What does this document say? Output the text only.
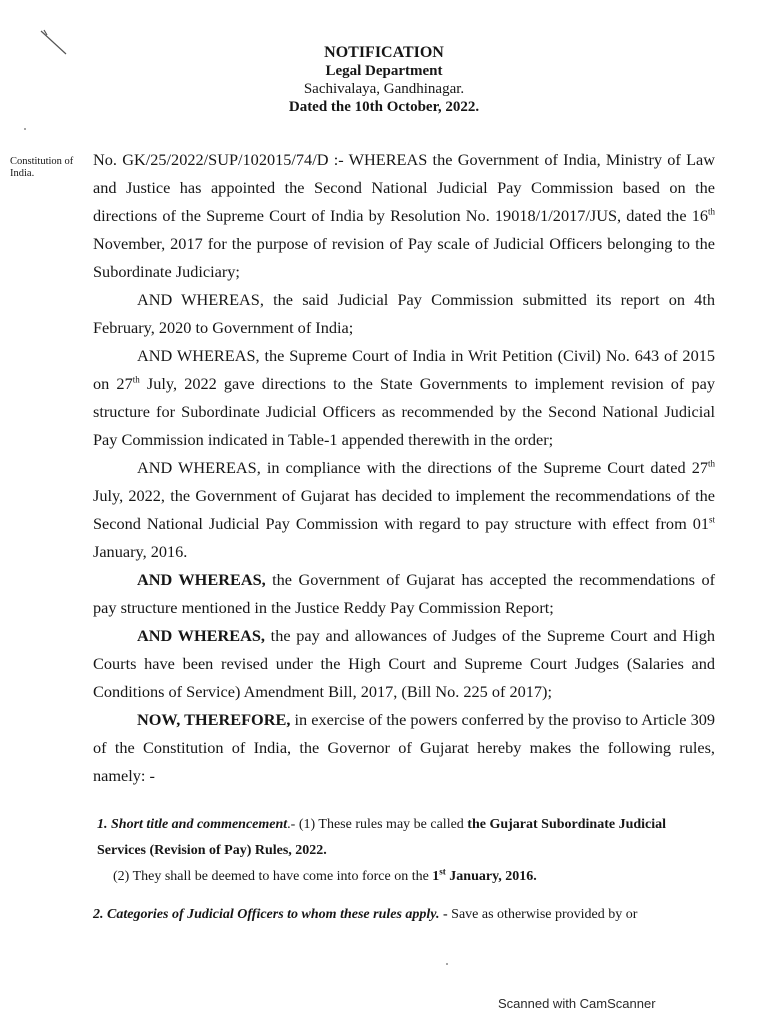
NOTIFICATION
Legal Department
Sachivalaya, Gandhinagar.
Dated the 10th October, 2022.
Constitution of India.

No. GK/25/2022/SUP/102015/74/D :- WHEREAS the Government of India, Ministry of Law and Justice has appointed the Second National Judicial Pay Commission based on the directions of the Supreme Court of India by Resolution No. 19018/1/2017/JUS, dated the 16th November, 2017 for the purpose of revision of Pay scale of Judicial Officers belonging to the Subordinate Judiciary;

AND WHEREAS, the said Judicial Pay Commission submitted its report on 4th February, 2020 to Government of India;

AND WHEREAS, the Supreme Court of India in Writ Petition (Civil) No. 643 of 2015 on 27th July, 2022 gave directions to the State Governments to implement revision of pay structure for Subordinate Judicial Officers as recommended by the Second National Judicial Pay Commission indicated in Table-1 appended therewith in the order;

AND WHEREAS, in compliance with the directions of the Supreme Court dated 27th July, 2022, the Government of Gujarat has decided to implement the recommendations of the Second National Judicial Pay Commission with regard to pay structure with effect from 01st January, 2016.

AND WHEREAS, the Government of Gujarat has accepted the recommendations of pay structure mentioned in the Justice Reddy Pay Commission Report;

AND WHEREAS, the pay and allowances of Judges of the Supreme Court and High Courts have been revised under the High Court and Supreme Court Judges (Salaries and Conditions of Service) Amendment Bill, 2017, (Bill No. 225 of 2017);

NOW, THEREFORE, in exercise of the powers conferred by the proviso to Article 309 of the Constitution of India, the Governor of Gujarat hereby makes the following rules, namely: -

1. Short title and commencement.- (1) These rules may be called the Gujarat Subordinate Judicial Services (Revision of Pay) Rules, 2022.
(2) They shall be deemed to have come into force on the 1st January, 2016.
2. Categories of Judicial Officers to whom these rules apply. - Save as otherwise provided by or
Scanned with CamScanner
